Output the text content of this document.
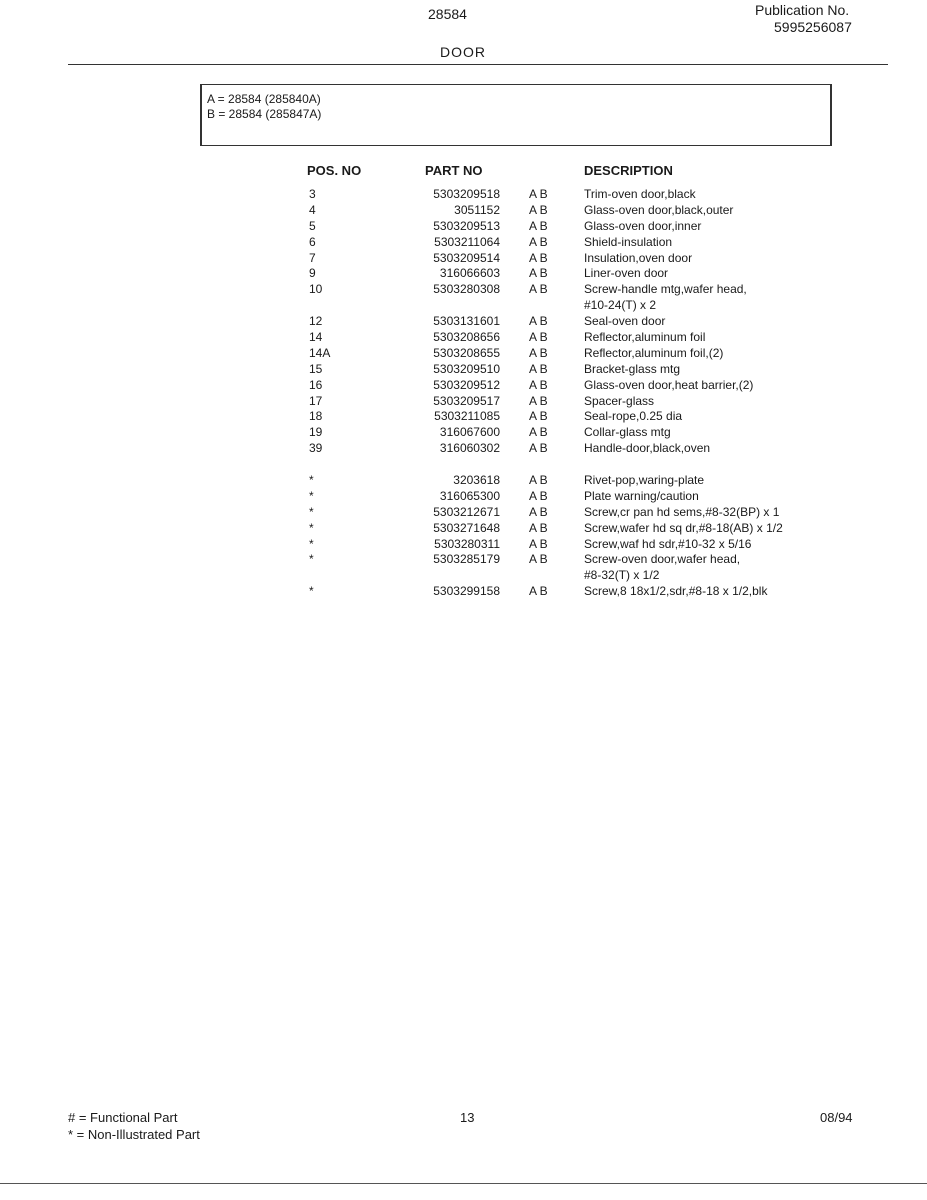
28584	Publication No.
5995256087
DOOR
A = 28584 (285840A)
B = 28584 (285847A)
POS. NO	PART NO	DESCRIPTION
3	5303209518 A B	Trim-oven door,black
4	3051152 A B	Glass-oven door,black,outer
5	5303209513 A B	Glass-oven door,inner
6	5303211064 A B	Shield-insulation
7	5303209514 A B	Insulation,oven door
9	316066603 A B	Liner-oven door
10	5303280308 A B	Screw-handle mtg,wafer head,
#10-24(T) x 2
12	5303131601 A B	Seal-oven door
14	5303208656 A B	Reflector,aluminum foil
14A	5303208655 A B	Reflector,aluminum foil,(2)
15	5303209510 A B	Bracket-glass mtg
16	5303209512 A B	Glass-oven door,heat barrier,(2)
17	5303209517 A B	Spacer-glass
18	5303211085 A B	Seal-rope,0.25 dia
19	316067600 A B	Collar-glass mtg
39	316060302 A B	Handle-door,black,oven
*	3203618 A B	Rivet-pop,waring-plate
*	316065300 A B	Plate warning/caution
*	5303212671 A B	Screw,cr pan hd sems,#8-32(BP) x 1
*	5303271648 A B	Screw,wafer hd sq dr,#8-18(AB) x 1/2
*	5303280311 A B	Screw,waf hd sdr,#10-32 x 5/16
*	5303285179 A B	Screw-oven door,wafer head,
#8-32(T) x 1/2
*	5303299158 A B	Screw,8 18x1/2,sdr,#8-18 x 1/2,blk
# = Functional Part
* = Non-Illustrated Part
13	08/94
